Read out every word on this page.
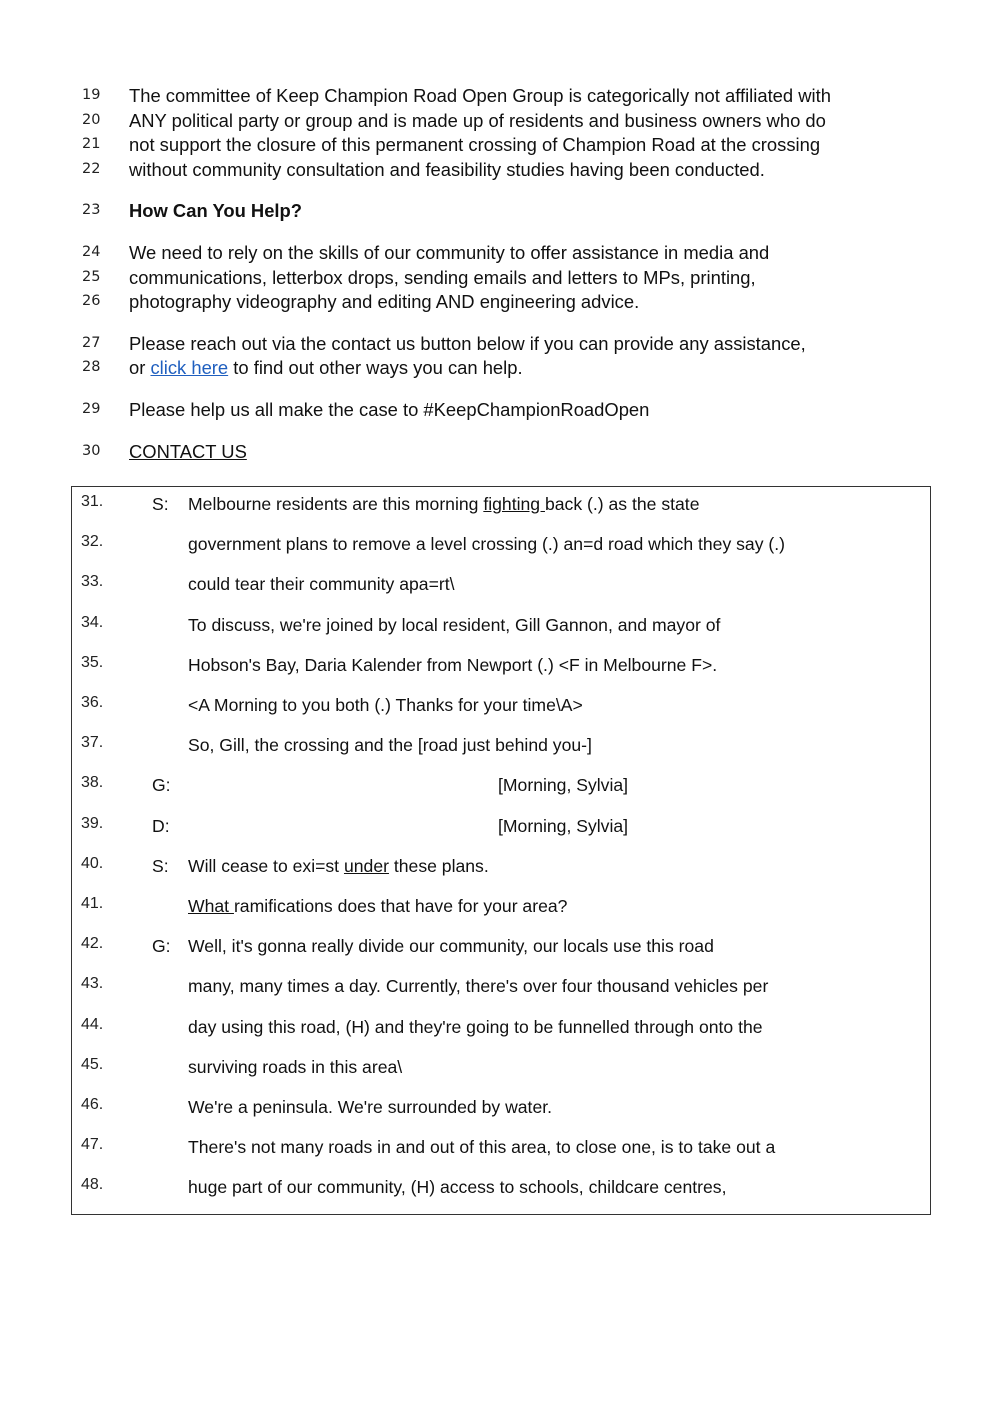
19	The committee of Keep Champion Road Open Group is categorically not affiliated with
20	ANY political party or group and is made up of residents and business owners who do
21	not support the closure of this permanent crossing of Champion Road at the crossing
22	without community consultation and feasibility studies having been conducted.
23	How Can You Help?
24	We need to rely on the skills of our community to offer assistance in media and
25	communications, letterbox drops, sending emails and letters to MPs, printing,
26	photography videography and editing AND engineering advice.
27	Please reach out via the contact us button below if you can provide any assistance,
28	or click here to find out other ways you can help.
29	Please help us all make the case to #KeepChampionRoadOpen
30	CONTACT US
31.	S: Melbourne residents are this morning fighting back (.) as the state
32.	government plans to remove a level crossing (.) an=d road which they say (.)
33.	could tear their community apa=rt\
34.	To discuss, we're joined by local resident, Gill Gannon, and mayor of
35.	Hobson's Bay, Daria Kalender from Newport (.) <F in Melbourne F>.
36.	<A Morning to you both (.) Thanks for your time\A>
37.	So, Gill, the crossing and the [road just behind you-]
38.	G:	[Morning, Sylvia]
39.	D:	[Morning, Sylvia]
40.	S: Will cease to exi=st under these plans.
41.	What ramifications does that have for your area?
42.	G: Well, it's gonna really divide our community, our locals use this road
43.	many, many times a day. Currently, there's over four thousand vehicles per
44.	day using this road, (H) and they're going to be funnelled through onto the
45.	surviving roads in this area\
46.	We're a peninsula. We're surrounded by water.
47.	There's not many roads in and out of this area, to close one, is to take out a
48.	huge part of our community, (H) access to schools, childcare centres,
